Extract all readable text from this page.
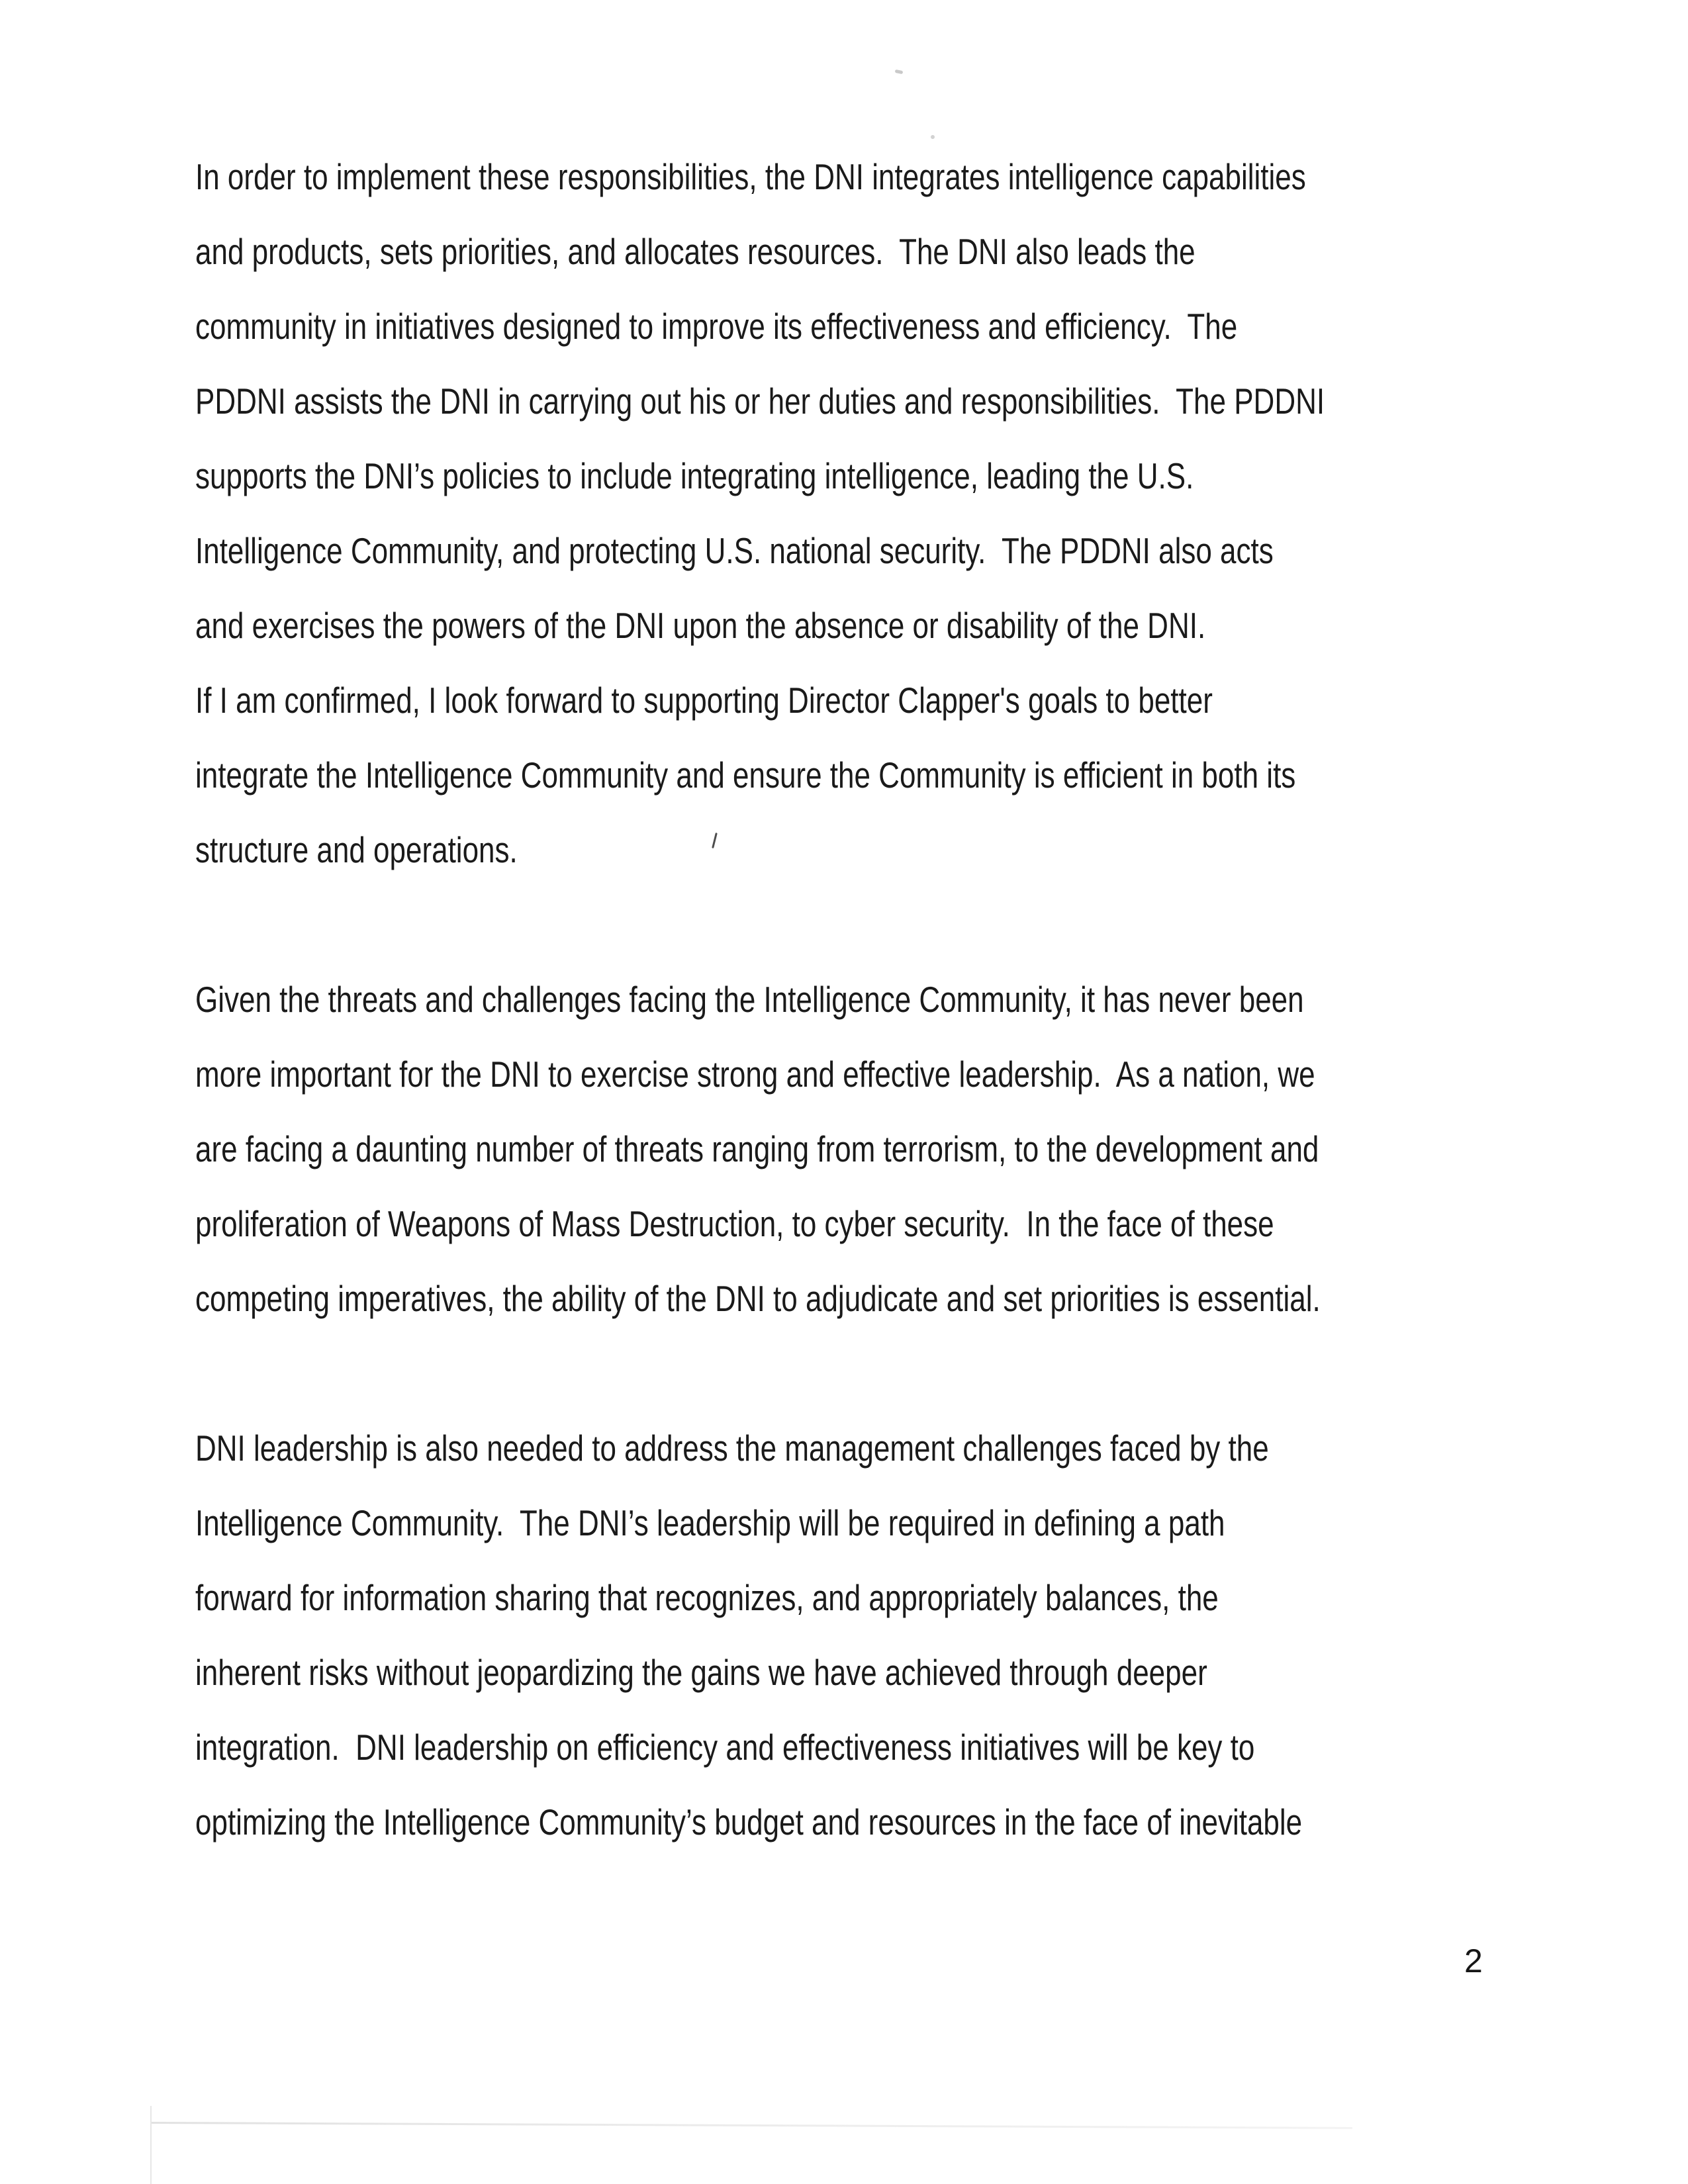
In order to implement these responsibilities, the DNI integrates intelligence capabilities
and products, sets priorities, and allocates resources.  The DNI also leads the
community in initiatives designed to improve its effectiveness and efficiency.  The
PDDNI assists the DNI in carrying out his or her duties and responsibilities.  The PDDNI
supports the DNI’s policies to include integrating intelligence, leading the U.S.
Intelligence Community, and protecting U.S. national security.  The PDDNI also acts
and exercises the powers of the DNI upon the absence or disability of the DNI.
If I am confirmed, I look forward to supporting Director Clapper's goals to better
integrate the Intelligence Community and ensure the Community is efficient in both its
structure and operations.
Given the threats and challenges facing the Intelligence Community, it has never been
more important for the DNI to exercise strong and effective leadership.  As a nation, we
are facing a daunting number of threats ranging from terrorism, to the development and
proliferation of Weapons of Mass Destruction, to cyber security.  In the face of these
competing imperatives, the ability of the DNI to adjudicate and set priorities is essential.
DNI leadership is also needed to address the management challenges faced by the
Intelligence Community.  The DNI’s leadership will be required in defining a path
forward for information sharing that recognizes, and appropriately balances, the
inherent risks without jeopardizing the gains we have achieved through deeper
integration.  DNI leadership on efficiency and effectiveness initiatives will be key to
optimizing the Intelligence Community’s budget and resources in the face of inevitable
2
